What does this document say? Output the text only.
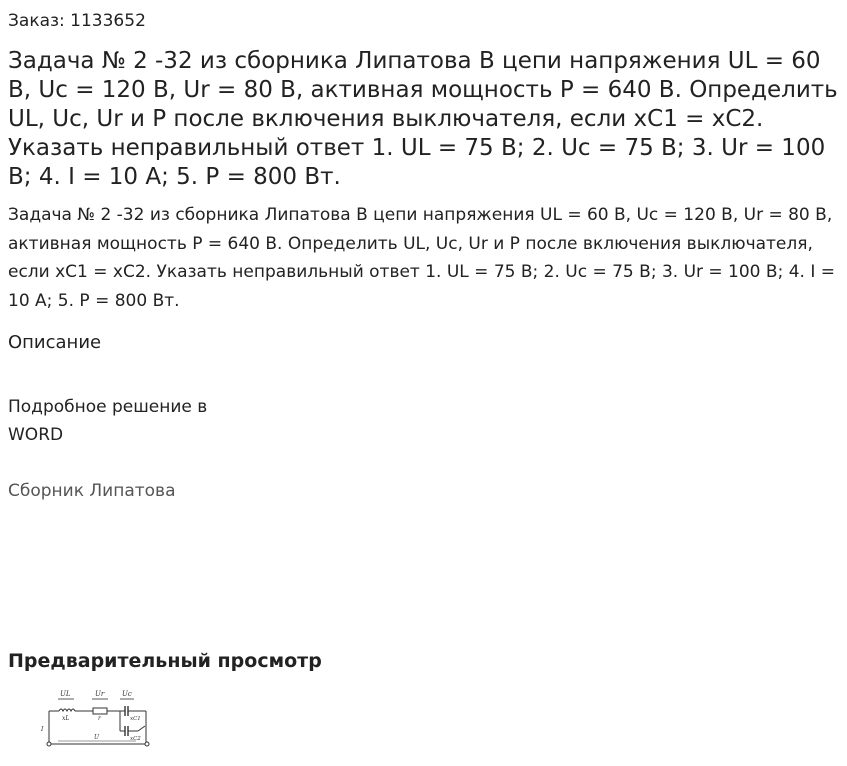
Заказ: 1133652
Задача № 2 -32 из сборника Липатова В цепи напряжения UL = 60 В, Uc = 120 В, Ur = 80 В, активная мощность P = 640 В. Определить UL, Uc, Ur и P после включения выключателя, если xC1 = xC2. Указать неправильный ответ 1. UL = 75 В; 2. Uc = 75 В; 3. Ur = 100 В; 4. I = 10 А; 5. P = 800 Вт.

Задача № 2 -32 из сборника Липатова В цепи напряжения UL = 60 В, Uc = 120 В, Ur = 80 В, активная мощность P = 640 В. Определить UL, Uc, Ur и P после включения выключателя, если xC1 = xC2. Указать неправильный ответ 1. UL = 75 В; 2. Uc = 75 В; 3. Ur = 100 В; 4. I = 10 А; 5. P = 800 Вт.

Описание
Подробное решение в WORD
Сборник Липатова
Предварительный просмотр
UL	Ur	Uc
xL	r	xC1
xC2
U
I
